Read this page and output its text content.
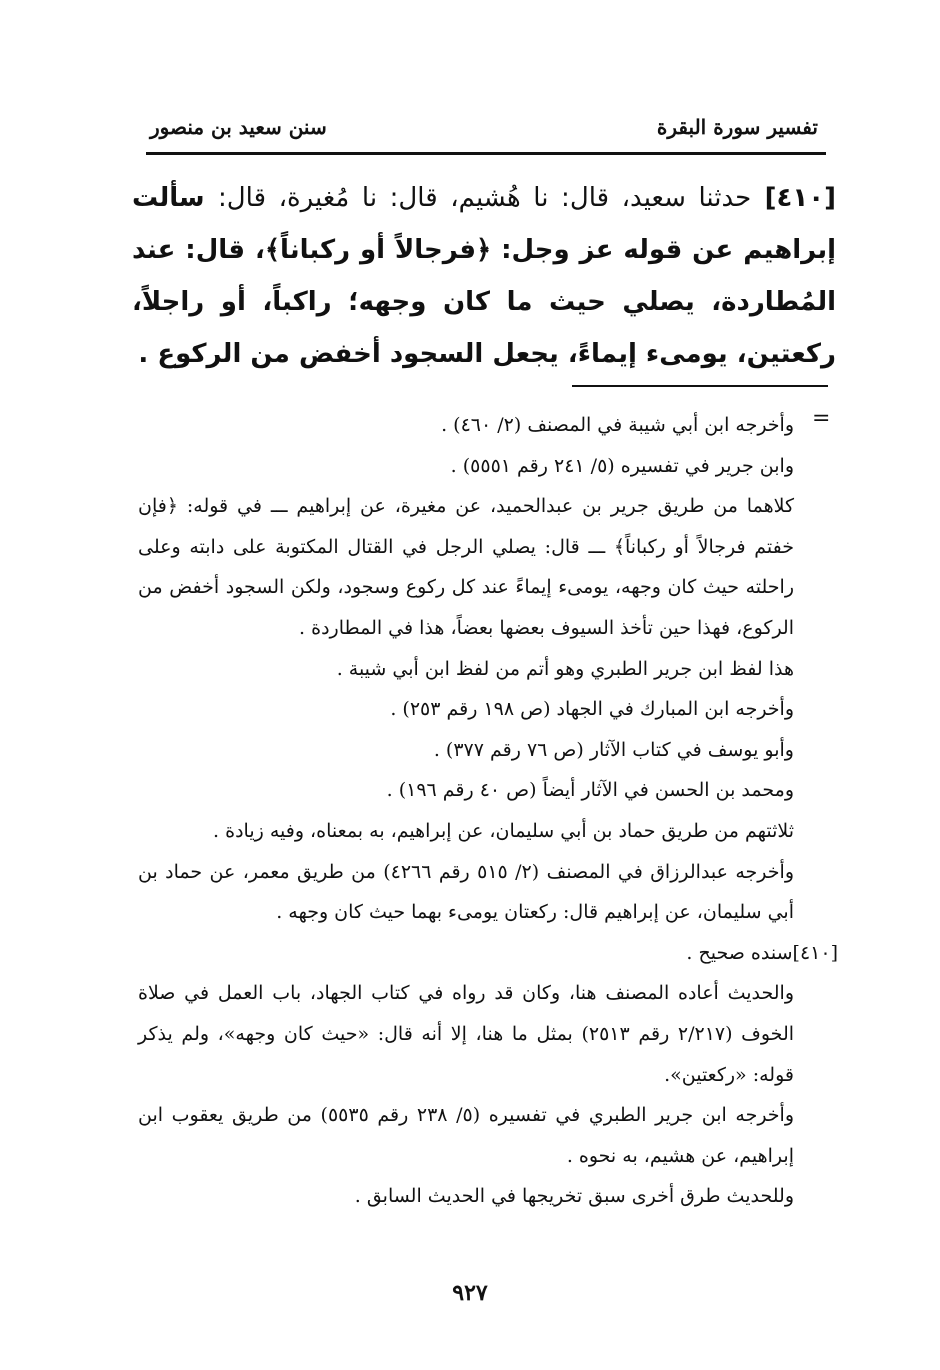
تفسير سورة البقرة
سنن سعيد بن منصور
[٤١٠] حدثنا سعيد، قال: نا هُشيم، قال: نا مُغيرة، قال: سألت إبراهيم عن قوله عز وجل: ﴿فرجالاً أو ركباناً﴾، قال: عند المُطاردة، يصلي حيث ما كان وجهه؛ راكباً، أو راجلاً، ركعتين، يومىء إيماءً، يجعل السجود أخفض من الركوع .
=

وأخرجه ابن أبي شيبة في المصنف (٢/ ٤٦٠) .

وابن جرير في تفسيره (٥/ ٢٤١ رقم ٥٥٥١) .

كلاهما من طريق جرير بن عبدالحميد، عن مغيرة، عن إبراهيم ـــ في قوله: ﴿فإن خفتم فرجالاً أو ركباناً﴾ ـــ قال: يصلي الرجل في القتال المكتوبة على دابته وعلى راحلته حيث كان وجهه، يومىء إيماءً عند كل ركوع وسجود، ولكن السجود أخفض من الركوع، فهذا حين تأخذ السيوف بعضها بعضاً، هذا في المطاردة .

هذا لفظ ابن جرير الطبري وهو أتم من لفظ ابن أبي شيبة .

وأخرجه ابن المبارك في الجهاد (ص ١٩٨ رقم ٢٥٣) .

وأبو يوسف في كتاب الآثار (ص ٧٦ رقم ٣٧٧) .

ومحمد بن الحسن في الآثار أيضاً (ص ٤٠ رقم ١٩٦) .

ثلاثتهم من طريق حماد بن أبي سليمان، عن إبراهيم، به بمعناه، وفيه زيادة .

وأخرجه عبدالرزاق في المصنف (٢/ ٥١٥ رقم ٤٢٦٦) من طريق معمر، عن حماد بن أبي سليمان، عن إبراهيم قال: ركعتان يومىء بهما حيث كان وجهه .

[٤١٠]سنده صحيح .

والحديث أعاده المصنف هنا، وكان قد رواه في كتاب الجهاد، باب العمل في صلاة الخوف (٢/٢١٧ رقم ٢٥١٣) بمثل ما هنا، إلا أنه قال: «حيث كان وجهه»، ولم يذكر قوله: «ركعتين».

وأخرجه ابن جرير الطبري في تفسيره (٥/ ٢٣٨ رقم ٥٥٣٥) من طريق يعقوب ابن إبراهيم، عن هشيم، به نحوه .

وللحديث طرق أخرى سبق تخريجها في الحديث السابق .

٩٢٧
